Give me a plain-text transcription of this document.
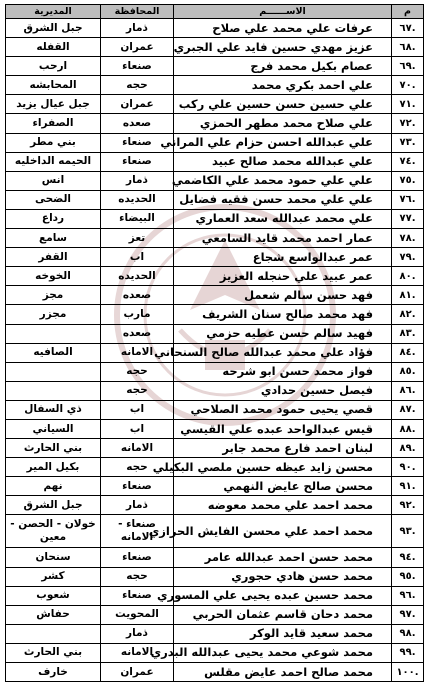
م	الاســــــم	المحافظة	المديرية
.٦٧	عرفات علي محمد علي صلاح	ذمار	جبل الشرق
.٦٨	عزيز مهدي حسين فايد علي الجبري	عمران	القفله
.٦٩	عصام بكيل محمد فرج	صنعاء	ارحب
.٧٠	علي احمد بكري محمد	حجه	المحابشه
.٧١	علي حسين حسن حسين علي ركب	عمران	جبل عيال يزيد
.٧٢	علي صلاح محمد مطهر الحمزي	صعده	الصفراء
.٧٣	علي عبدالله احسن حزام علي المراني	صنعاء	بني مطر
.٧٤	علي عبدالله محمد صالح عبيد	صنعاء	الحيمه الداخليه
.٧٥	علي علي حمود محمد علي الكاضمي	ذمار	انس
.٧٦	علي علي محمد حسن فقيه فضايل	الحديده	الضحى
.٧٧	علي محمد عبدالله سعد العماري	البيضاء	رداع
.٧٨	عمار احمد محمد قايد السامعي	تعز	سامع
.٧٩	عمر عبدالواسع شجاع	اب	القفر
.٨٠	عمر عبيد علي حنجله العزيز	الحديده	الخوخه
.٨١	فهد حسن سالم شعمل	صعده	مجز
.٨٢	فهد محمد صالح سنان الشريف	مارب	مجزر
.٨٣	فهيد سالم حسن عطيه حزمي	صعده	
.٨٤	فؤاد علي محمد عبدالله صالح السنحاني	الامانه	الصافيه
.٨٥	فواز محمد حسن ابو شرحه	حجه	
.٨٦	فيصل حسين حدادي	حجه	
.٨٧	قصي يحيى حمود محمد الصلاحي	اب	ذي السفال
.٨٨	قيس عبدالواحد عبده علي القيسي	اب	السياني
.٨٩	لبنان احمد فارع محمد جابر	الامانه	بني الحارث
.٩٠	محسن زايد عيظه حسين ملصي البكيلي	حجه	بكيل المير
.٩١	محسن صالح عايض النهمي	صنعاء	نهم
.٩٢	محمد احمد علي محمد معوضه	ذمار	جبل الشرق
.٩٣	محمد احمد علي محسن الفايش الحرازي	صنعاء - الامانه	خولان - الحصن - معين
.٩٤	محمد حسن احمد عبدالله عامر	صنعاء	سنحان
.٩٥	محمد حسن هادي حجوري	حجه	كشر
.٩٦	محمد حسين عبده يحيى علي المسوري	صنعاء	شعوب
.٩٧	محمد دحان قاسم عثمان الحربي	المحويت	حفاش
.٩٨	محمد سعيد قايد الوكر	ذمار	
.٩٩	محمد شوعي محمد يحيى عبدالله البدري	الامانه	بني الحارث
.١٠٠	محمد صالح احمد عايض مقلس	عمران	خارف
